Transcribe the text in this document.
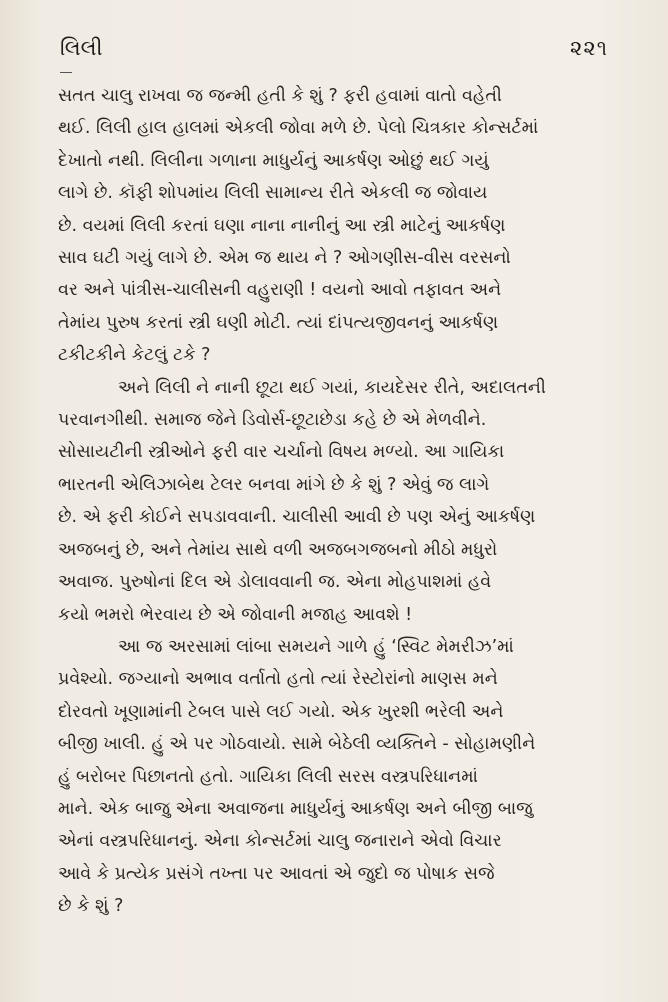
લિલી	૨૨૧

સતત ચાલુ રાખવા જ જન્મી હતી કે શું ? ફરી હવામાં વાતો વહેતી
થઈ. લિલી હાલ હાલમાં એકલી જોવા મળે છે. પેલો ચિત્રકાર કોન્સર્ટમાં
દેખાતો નથી. લિલીના ગળાના માધુર્યનું આકર્ષણ ઓછું થઈ ગયું
લાગે છે. કૉફી શોપમાંય લિલી સામાન્ય રીતે એકલી જ જોવાય
છે. વયમાં લિલી કરતાં ઘણા નાના નાનીનું આ સ્ત્રી માટેનું આકર્ષણ
સાવ ઘટી ગયું લાગે છે. એમ જ થાય ને ? ઓગણીસ-વીસ વરસનો
વર અને પાંત્રીસ-ચાલીસની વહુરાણી ! વયનો આવો તફાવત અને
તેમાંય પુરુષ કરતાં સ્ત્રી ઘણી મોટી. ત્યાં દાંપત્યજીવનનું આકર્ષણ
ટકીટકીને કેટલું ટકે ?

અને લિલી ને નાની છૂટા થઈ ગયાં, કાયદેસર રીતે, અદાલતની
પરવાનગીથી. સમાજ જેને ડિવોર્સ-છૂટાછેડા કહે છે એ મેળવીને.
સોસાયટીની સ્ત્રીઓને ફરી વાર ચર્ચાનો વિષય મળ્યો. આ ગાયિકા
ભારતની એલિઝાબેથ ટેલર બનવા માંગે છે કે શું ? એવું જ લાગે
છે. એ ફરી કોઈને સપડાવવાની. ચાલીસી આવી છે પણ એનું આકર્ષણ
અજબનું છે, અને તેમાંય સાથે વળી અજબગજબનો મીઠો મધુરો
અવાજ. પુરુષોનાં દિલ એ ડોલાવવાની જ. એના મોહપાશમાં હવે
કયો ભમરો ભેરવાય છે એ જોવાની મજાહ આવશે !

આ જ અરસામાં લાંબા સમયને ગાળે હું ‘સ્વિટ મેમરીઝ’માં
પ્રવેશ્યો. જગ્યાનો અભાવ વર્તાતો હતો ત્યાં રેસ્ટોરાંનો માણસ મને
દોરવતો ખૂણામાંની ટેબલ પાસે લઈ ગયો. એક ખુરશી ભરેલી અને
બીજી ખાલી. હું એ પર ગોઠવાયો. સામે બેઠેલી વ્યક્તિને - સોહામણીને
હું બરોબર પિછાનતો હતો. ગાયિકા લિલી સરસ વસ્ત્રપરિધાનમાં
માને. એક બાજુ એના અવાજના માધુર્યનું આકર્ષણ અને બીજી બાજુ
એનાં વસ્ત્રપરિધાનનું. એના કોન્સર્ટમાં ચાલુ જનારાને એવો વિચાર
આવે કે પ્રત્યેક પ્રસંગે તખ્તા પર આવતાં એ જુદો જ પોષાક સજે
છે કે શું ?
